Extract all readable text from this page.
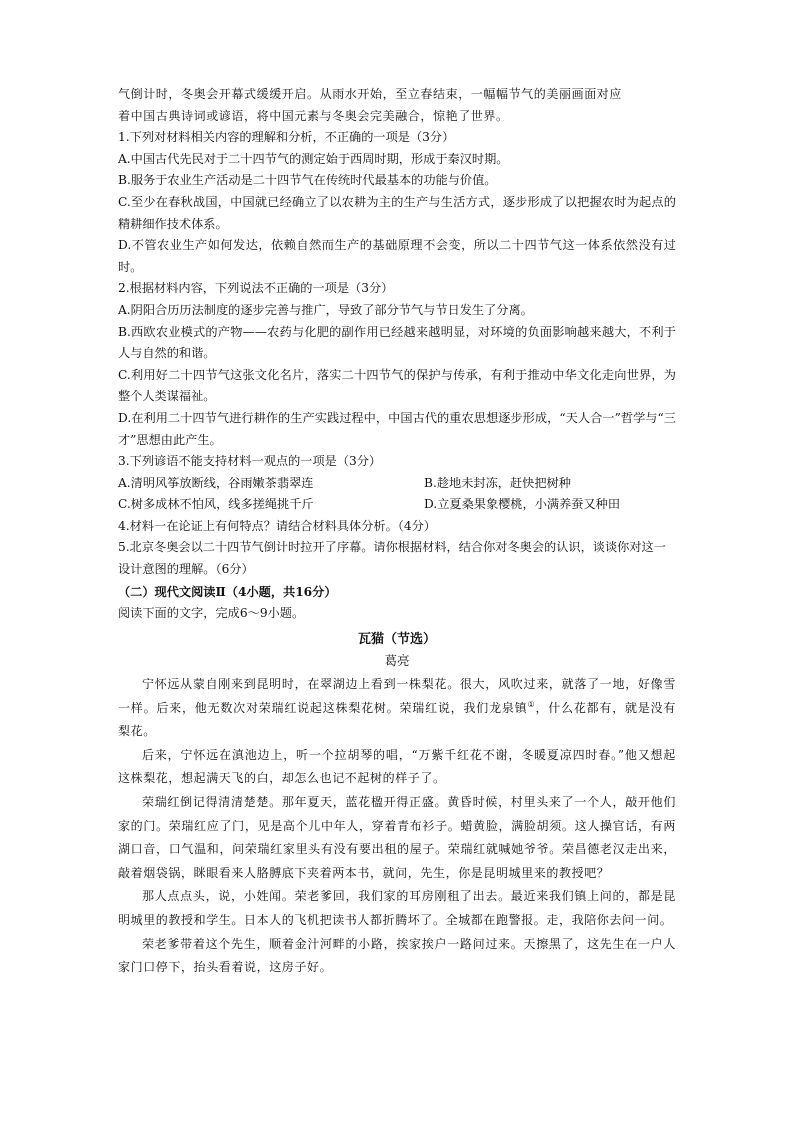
气倒计时，冬奥会开幕式缓缓开启。从雨水开始，至立春结束，一幅幅节气的美丽画面对应

着中国古典诗词或谚语，将中国元素与冬奥会完美融合，惊艳了世界。

1.下列对材料相关内容的理解和分析，不正确的一项是（3分）

A.中国古代先民对于二十四节气的测定始于西周时期，形成于秦汉时期。

B.服务于农业生产活动是二十四节气在传统时代最基本的功能与价值。

C.至少在春秋战国，中国就已经确立了以农耕为主的生产与生活方式，逐步形成了以把握农时为起点的精耕细作技术体系。

D.不管农业生产如何发达，依赖自然而生产的基础原理不会变，所以二十四节气这一体系依然没有过时。

2.根据材料内容，下列说法不正确的一项是（3分）

A.阴阳合历历法制度的逐步完善与推广，导致了部分节气与节日发生了分离。

B.西欧农业模式的产物——农药与化肥的副作用已经越来越明显，对环境的负面影响越来越大，不利于人与自然的和谐。

C.利用好二十四节气这张文化名片，落实二十四节气的保护与传承，有利于推动中华文化走向世界，为整个人类谋福祉。

D.在利用二十四节气进行耕作的生产实践过程中，中国古代的重农思想逐步形成，“天人合一”哲学与“三才”思想由此产生。

3.下列谚语不能支持材料一观点的一项是（3分）

A.清明风筝放断线，谷雨嫩茶翡翠连	B.趁地未封冻，赶快把树种
C.树多成林不怕风，线多搓绳挑千斤	D.立夏桑果象樱桃，小满养蚕又种田

4.材料一在论证上有何特点？请结合材料具体分析。（4分）

5.北京冬奥会以二十四节气倒计时拉开了序幕。请你根据材料，结合你对冬奥会的认识，谈谈你对这一设计意图的理解。（6分）

（二）现代文阅读Ⅱ（4小题，共16分）

阅读下面的文字，完成6～9小题。

瓦猫（节选）

葛亮

宁怀远从蒙自刚来到昆明时，在翠湖边上看到一株梨花。很大，风吹过来，就落了一地，好像雪一样。后来，他无数次对荣瑞红说起这株梨花树。荣瑞红说，我们龙泉镇①，什么花都有，就是没有梨花。

后来，宁怀远在滇池边上，听一个拉胡琴的唱，“万紫千红花不谢，冬暖夏凉四时春。”他又想起这株梨花，想起满天飞的白，却怎么也记不起树的样子了。

荣瑞红倒记得清清楚楚。那年夏天，蓝花楹开得正盛。黄昏时候，村里头来了一个人，敲开他们家的门。荣瑞红应了门，见是高个儿中年人，穿着青布衫子。蜡黄脸，满脸胡须。这人操官话，有两湖口音，口气温和，问荣瑞红家里头有没有要出租的屋子。荣瑞红就喊她爷爷。荣昌德老汉走出来，敲着烟袋锅，眯眼看来人胳膊底下夹着两本书，就问，先生，你是昆明城里来的教授吧？

那人点点头，说，小姓闻。荣老爹回，我们家的耳房刚租了出去。最近来我们镇上问的，都是昆明城里的教授和学生。日本人的飞机把读书人都折腾坏了。全城都在跑警报。走，我陪你去问一问。

荣老爹带着这个先生，顺着金汁河畔的小路，挨家挨户一路问过来。天擦黑了，这先生在一户人家门口停下，抬头看着说，这房子好。
